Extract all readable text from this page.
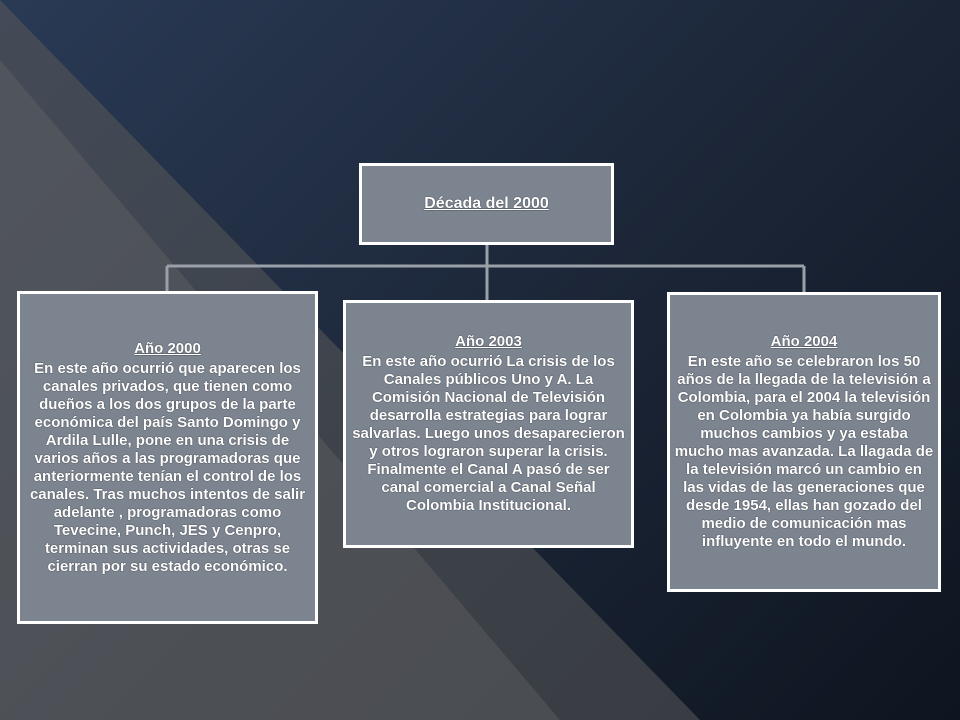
Década del 2000
Año 2000
En este año ocurrió que aparecen los canales privados, que tienen como dueños a los dos grupos de la parte económica del país Santo Domingo y Ardila Lulle, pone en una crisis de varios años a las programadoras que anteriormente tenían el control de los canales. Tras muchos intentos de salir adelante , programadoras como Tevecine, Punch, JES y Cenpro, terminan sus actividades, otras se cierran por su estado económico.
Año 2003
En este año ocurrió La crisis de los Canales públicos Uno y A. La Comisión Nacional de Televisión desarrolla estrategias para lograr salvarlas. Luego unos desaparecieron y otros lograron superar la crisis. Finalmente el Canal A pasó de ser canal comercial a Canal Señal Colombia Institucional.
Año 2004
En este año se celebraron los 50 años de la llegada de la televisión a Colombia, para el 2004 la televisión en Colombia ya había surgido muchos cambios y ya estaba mucho mas avanzada. La llagada de la televisión marcó un cambio en las vidas de las generaciones que desde 1954, ellas han gozado del medio de comunicación mas influyente en todo el mundo.
